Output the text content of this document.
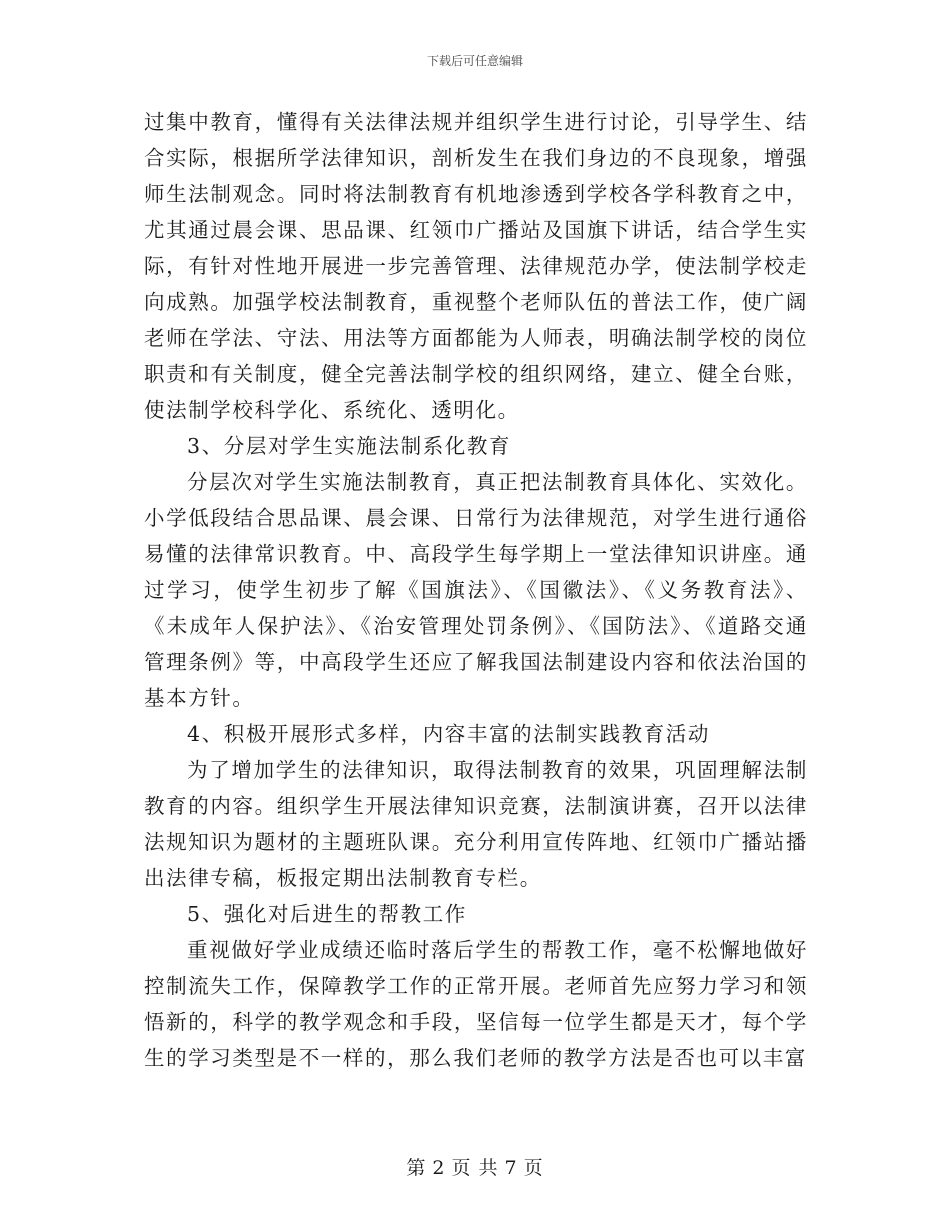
下载后可任意编辑

过集中教育，懂得有关法律法规并组织学生进行讨论，引导学生、结合实际，根据所学法律知识，剖析发生在我们身边的不良现象，增强师生法制观念。同时将法制教育有机地渗透到学校各学科教育之中，尤其通过晨会课、思品课、红领巾广播站及国旗下讲话，结合学生实际，有针对性地开展进一步完善管理、法律规范办学，使法制学校走向成熟。加强学校法制教育，重视整个老师队伍的普法工作，使广阔老师在学法、守法、用法等方面都能为人师表，明确法制学校的岗位职责和有关制度，健全完善法制学校的组织网络，建立、健全台账，使法制学校科学化、系统化、透明化。

3、分层对学生实施法制系化教育

分层次对学生实施法制教育，真正把法制教育具体化、实效化。小学低段结合思品课、晨会课、日常行为法律规范，对学生进行通俗易懂的法律常识教育。中、高段学生每学期上一堂法律知识讲座。通过学习，使学生初步了解《国旗法》、《国徽法》、《义务教育法》、《未成年人保护法》、《治安管理处罚条例》、《国防法》、《道路交通管理条例》等，中高段学生还应了解我国法制建设内容和依法治国的基本方针。

4、积极开展形式多样，内容丰富的法制实践教育活动

为了增加学生的法律知识，取得法制教育的效果，巩固理解法制教育的内容。组织学生开展法律知识竞赛，法制演讲赛，召开以法律法规知识为题材的主题班队课。充分利用宣传阵地、红领巾广播站播出法律专稿，板报定期出法制教育专栏。

5、强化对后进生的帮教工作

重视做好学业成绩还临时落后学生的帮教工作，毫不松懈地做好控制流失工作，保障教学工作的正常开展。老师首先应努力学习和领悟新的，科学的教学观念和手段，坚信每一位学生都是天才，每个学生的学习类型是不一样的，那么我们老师的教学方法是否也可以丰富

第 2 页 共 7 页
